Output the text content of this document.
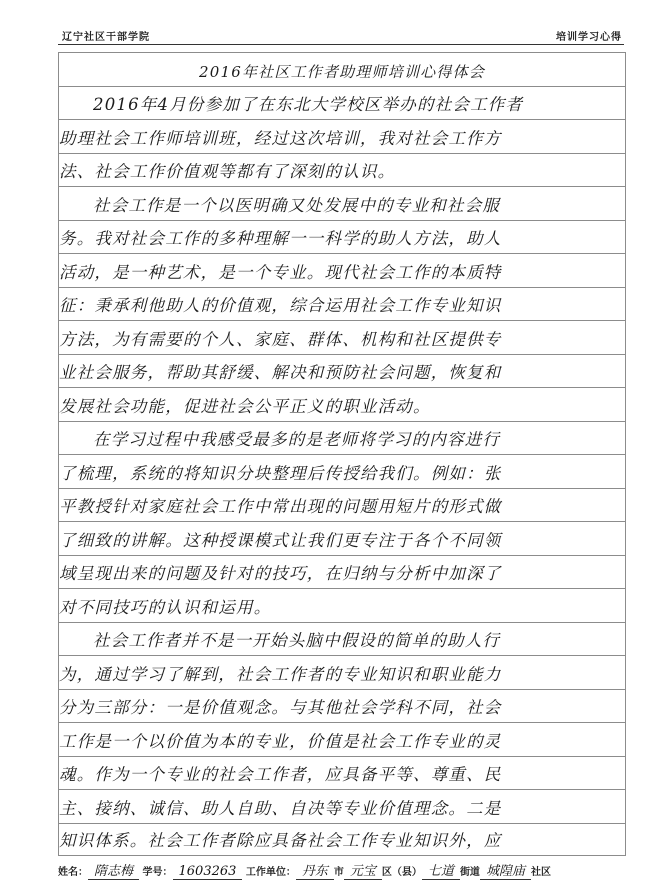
辽宁社区干部学院	培训学习心得
2016年社区工作者助理师培训心得体会
2016年4月份参加了在东北大学校区举办的社会工作者
助理社会工作师培训班，经过这次培训，我对社会工作方
法、社会工作价值观等都有了深刻的认识。
社会工作是一个以医明确又处发展中的专业和社会服
务。我对社会工作的多种理解一一科学的助人方法，助人
活动，是一种艺术，是一个专业。现代社会工作的本质特
征：秉承利他助人的价值观，综合运用社会工作专业知识
方法，为有需要的个人、家庭、群体、机构和社区提供专
业社会服务，帮助其舒缓、解决和预防社会问题，恢复和
发展社会功能，促进社会公平正义的职业活动。
在学习过程中我感受最多的是老师将学习的内容进行
了梳理，系统的将知识分块整理后传授给我们。例如：张
平教授针对家庭社会工作中常出现的问题用短片的形式做
了细致的讲解。这种授课模式让我们更专注于各个不同领
域呈现出来的问题及针对的技巧，在归纳与分析中加深了
对不同技巧的认识和运用。
社会工作者并不是一开始头脑中假设的简单的助人行
为，通过学习了解到，社会工作者的专业知识和职业能力
分为三部分：一是价值观念。与其他社会学科不同，社会
工作是一个以价值为本的专业，价值是社会工作专业的灵
魂。作为一个专业的社会工作者，应具备平等、尊重、民
主、接纳、诚信、助人自助、自决等专业价值理念。二是
知识体系。社会工作者除应具备社会工作专业知识外，应
姓名： 隋志梅 学号： 1603263 工作单位： 丹东 市 元宝 区（县） 七道 街道 城隍庙 社区
